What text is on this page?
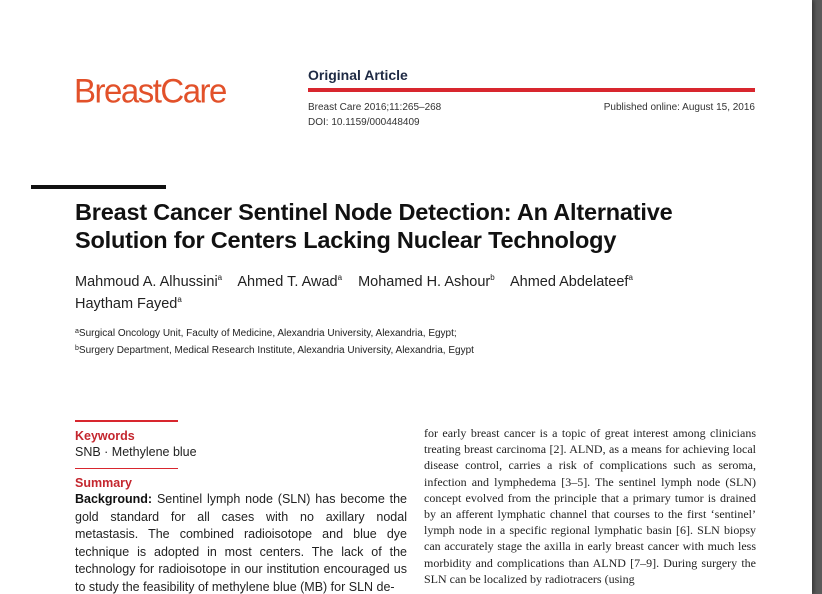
BreastCare	Original Article
Breast Care 2016;11:265–268
DOI: 10.1159/000448409
Published online: August 15, 2016
Breast Cancer Sentinel Node Detection: An Alternative
Solution for Centers Lacking Nuclear Technology
Mahmoud A. Alhussini$^a$ Ahmed T. Awad$^a$ Mohamed H. Ashour$^b$ Ahmed Abdelateef$^a$
Haytham Fayed$^a$
$^a$Surgical Oncology Unit, Faculty of Medicine, Alexandria University, Alexandria, Egypt;
$^b$Surgery Department, Medical Research Institute, Alexandria University, Alexandria, Egypt
Keywords
SNB · Methylene blue
Summary
Background: Sentinel lymph node (SLN) has become the gold standard for all cases with no axillary nodal metastasis. The combined radioisotope and blue dye technique is adopted in most centers. The lack of the technology for radioisotope in our institution encouraged us to study the feasibility of methylene blue (MB) for SLN de-
for early breast cancer is a topic of great interest among clinicians treating breast carcinoma [2]. ALND, as a means for achieving local disease control, carries a risk of complications such as seroma, infection and lymphedema [3–5]. The sentinel lymph node (SLN) concept evolved from the principle that a primary tumor is drained by an afferent lymphatic channel that courses to the first ‘sentinel’ lymph node in a specific regional lymphatic basin [6]. SLN biopsy can accurately stage the axilla in early breast cancer with much less morbidity and complications than ALND [7–9]. During surgery the SLN can be localized by radiotracers (using
